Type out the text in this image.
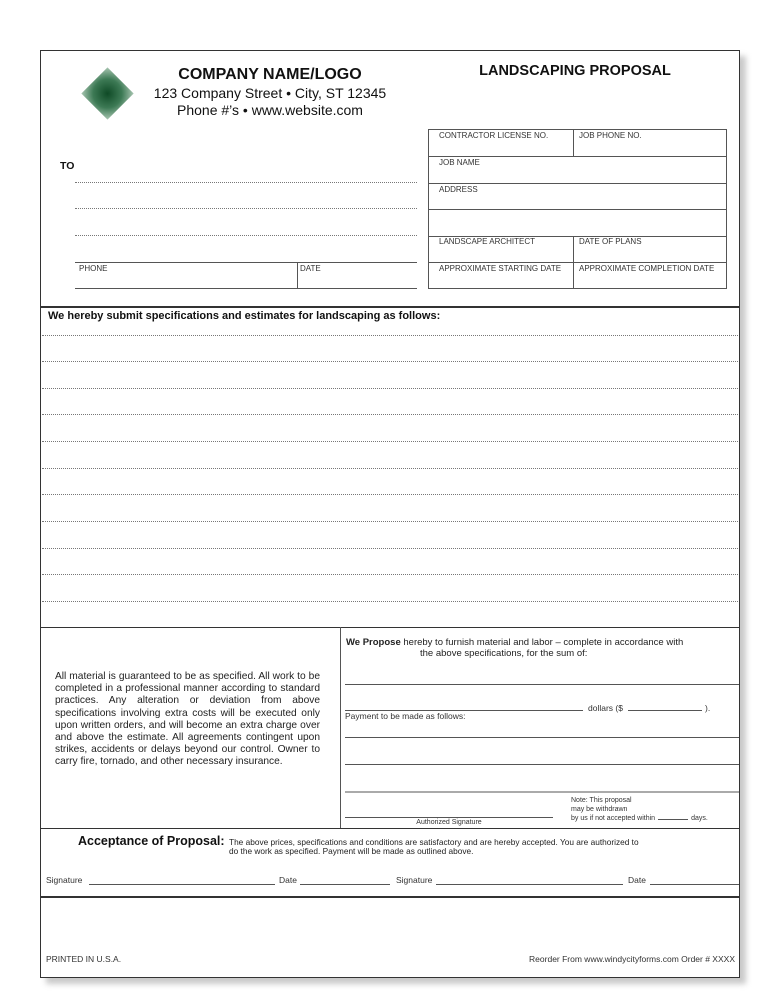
COMPANY NAME/LOGO
123 Company Street • City, ST 12345
Phone #’s • www.website.com
LANDSCAPING PROPOSAL
TO
PHONE	DATE
CONTRACTOR LICENSE NO.	JOB PHONE NO.
JOB NAME
ADDRESS
LANDSCAPE ARCHITECT	DATE OF PLANS
APPROXIMATE STARTING DATE APPROXIMATE COMPLETION DATE
We hereby submit specifications and estimates for landscaping as follows:
All material is guaranteed to be as specified. All work to be completed in a professional manner according to standard practices. Any alteration or deviation from above specifications involving extra costs will be executed only upon written orders, and will become an extra charge over and above the estimate. All agreements contingent upon strikes, accidents or delays beyond our control. Owner to carry fire, tornado, and other necessary insurance.
We Propose hereby to furnish material and labor – complete in accordance with
the above specifications, for the sum of:
dollars ($	).
Payment to be made as follows:
Authorized Signature
Note: This proposal
may be withdrawn
by us if not accepted within	days.
Acceptance of Proposal: The above prices, specifications and conditions are satisfactory and are hereby accepted. You are authorized to
do the work as specified. Payment will be made as outlined above.
Signature	Date	Signature	Date
PRINTED IN U.S.A.	Reorder From www.windycityforms.com Order # XXXX
